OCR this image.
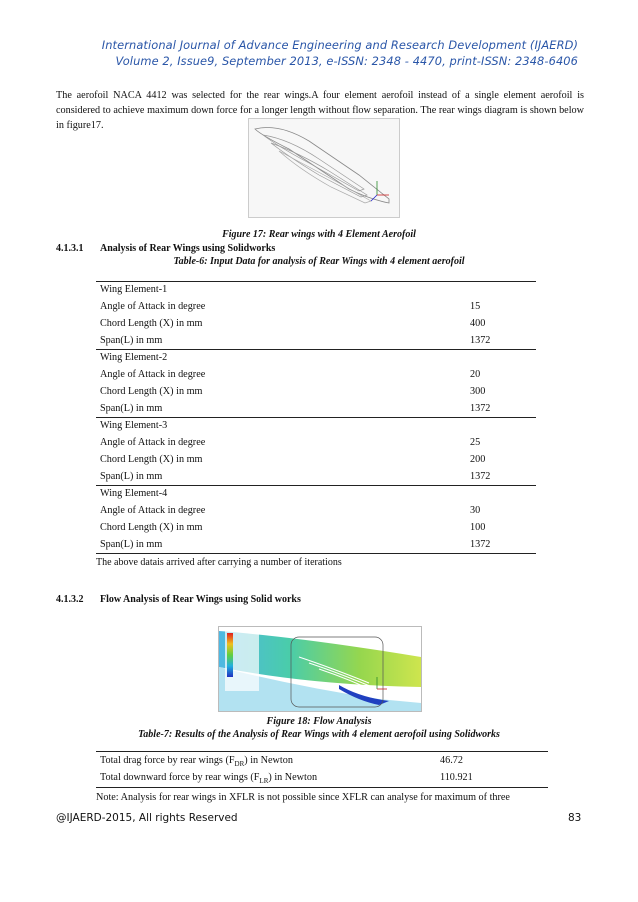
International Journal of Advance Engineering and Research Development (IJAERD)
Volume 2, Issue9, September 2013, e-ISSN: 2348 - 4470, print-ISSN: 2348-6406
The aerofoil NACA 4412 was selected for the rear wings.A four element aerofoil instead of a single element aerofoil is considered to achieve maximum down force for a longer length without flow separation. The rear wings diagram is shown below in figure17.
Figure 17: Rear wings with 4 Element Aerofoil
4.1.3.1 Analysis of Rear Wings using Solidworks
Table-6: Input Data for analysis of Rear Wings with 4 element aerofoil
Wing Element-1
Angle of Attack in degree	15
Chord Length (X) in mm	400
Span(L) in mm	1372
Wing Element-2
Angle of Attack in degree	20
Chord Length (X) in mm	300
Span(L) in mm	1372
Wing Element-3
Angle of Attack in degree	25
Chord Length (X) in mm	200
Span(L) in mm	1372
Wing Element-4
Angle of Attack in degree	30
Chord Length (X) in mm	100
Span(L) in mm	1372
The above datais arrived after carrying a number of iterations
4.1.3.2 Flow Analysis of Rear Wings using Solid works
Figure 18: Flow Analysis
Table-7: Results of the Analysis of Rear Wings with 4 element aerofoil using Solidworks
Total drag force by rear wings $(F_{DR})$ in Newton	46.72
Total downward force by rear wings $(F_{LR})$ in Newton	110.921
Note: Analysis for rear wings in XFLR is not possible since XFLR can analyse for maximum of three
@IJAERD-2015, All rights Reserved	83
